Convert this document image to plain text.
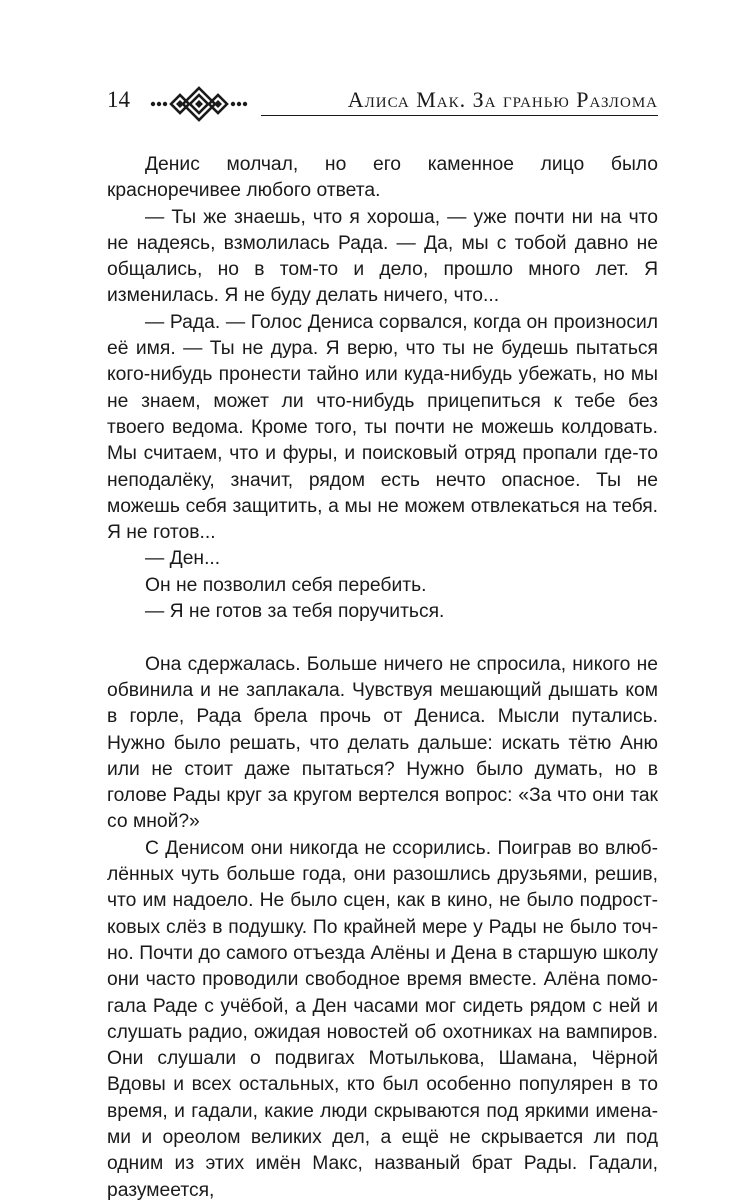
14	Алиса Мак. За гранью Разлома

Денис молчал, но его каменное лицо было красноречивее любого ответа.

— Ты же знаешь, что я хороша, — уже почти ни на что не надеясь, взмолилась Рада. — Да, мы с тобой давно не общались, но в том-то и дело, прошло много лет. Я изменилась. Я не буду делать ничего, что...

— Рада. — Голос Дениса сорвался, когда он произносил её имя. — Ты не дура. Я верю, что ты не будешь пытаться кого-нибудь пронести тайно или куда-нибудь убежать, но мы не знаем, может ли что-нибудь прицепиться к тебе без твоего ведома. Кроме того, ты почти не можешь колдовать. Мы считаем, что и фуры, и поисковый отряд пропали где-то неподалёку, значит, рядом есть нечто опасное. Ты не можешь себя защитить, а мы не можем отвлекаться на тебя. Я не готов...

— Ден...

Он не позволил себя перебить.

— Я не готов за тебя поручиться.

Она сдержалась. Больше ничего не спросила, никого не обвинила и не заплакала. Чувствуя мешающий дышать ком в горле, Рада брела прочь от Дениса. Мысли путались. Нужно было решать, что делать дальше: искать тётю Аню или не стоит даже пытаться? Нужно было думать, но в голове Рады круг за кругом вертелся вопрос: «За что они так со мной?»

С Денисом они никогда не ссорились. Поиграв во влюблённых чуть больше года, они разошлись друзьями, решив, что им надоело. Не было сцен, как в кино, не было подростковых слёз в подушку. По крайней мере у Рады не было точно. Почти до самого отъезда Алёны и Дена в старшую школу они часто проводили свободное время вместе. Алёна помогала Раде с учёбой, а Ден часами мог сидеть рядом с ней и слушать радио, ожидая новостей об охотниках на вампиров. Они слушали о подвигах Мотылькова, Шамана, Чёрной Вдовы и всех остальных, кто был особенно популярен в то время, и гадали, какие люди скрываются под яркими именами и ореолом великих дел, а ещё не скрывается ли под одним из этих имён Макс, названый брат Рады. Гадали, разумеется,
